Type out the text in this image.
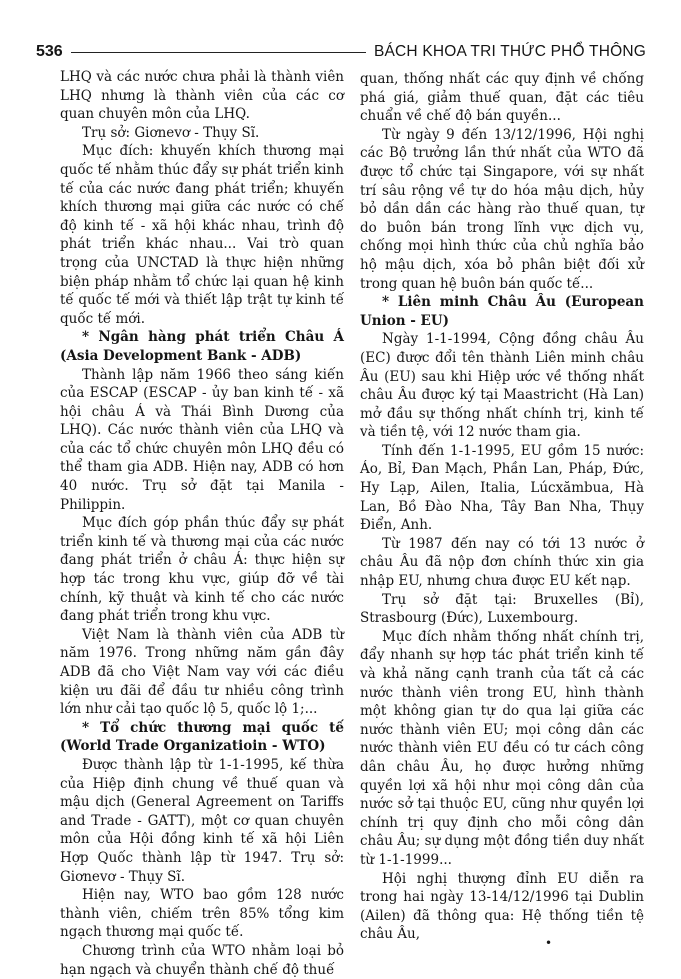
536	BÁCH KHOA TRI THỨC PHỔ THÔNG

LHQ và các nước chưa phải là thành viên LHQ nhưng là thành viên của các cơ quan chuyên môn của LHQ.

Trụ sở: Giơnevơ - Thụy Sĩ.

Mục đích: khuyến khích thương mại quốc tế nhằm thúc đẩy sự phát triển kinh tế của các nước đang phát triển; khuyến khích thương mại giữa các nước có chế độ kinh tế - xã hội khác nhau, trình độ phát triển khác nhau... Vai trò quan trọng của UNCTAD là thực hiện những biện pháp nhằm tổ chức lại quan hệ kinh tế quốc tế mới và thiết lập trật tự kinh tế quốc tế mới.

* Ngân hàng phát triển Châu Á (Asia Development Bank - ADB)

Thành lập năm 1966 theo sáng kiến của ESCAP (ESCAP - ủy ban kinh tế - xã hội châu Á và Thái Bình Dương của LHQ). Các nước thành viên của LHQ và của các tổ chức chuyên môn LHQ đều có thể tham gia ADB. Hiện nay, ADB có hơn 40 nước. Trụ sở đặt tại Manila - Philippin.

Mục đích góp phần thúc đẩy sự phát triển kinh tế và thương mại của các nước đang phát triển ở châu Á: thực hiện sự hợp tác trong khu vực, giúp đỡ về tài chính, kỹ thuật và kinh tế cho các nước đang phát triển trong khu vực.

Việt Nam là thành viên của ADB từ năm 1976. Trong những năm gần đây ADB đã cho Việt Nam vay với các điều kiện ưu đãi để đầu tư nhiều công trình lớn như cải tạo quốc lộ 5, quốc lộ 1;...

* Tổ chức thương mại quốc tế (World Trade Organizatioin - WTO)

Được thành lập từ 1-1-1995, kế thừa của Hiệp định chung về thuế quan và mậu dịch (General Agreement on Tariffs and Trade - GATT), một cơ quan chuyên môn của Hội đồng kinh tế xã hội Liên Hợp Quốc thành lập từ 1947. Trụ sở: Giơnevơ - Thụy Sĩ.

Hiện nay, WTO bao gồm 128 nước thành viên, chiếm trên 85% tổng kim ngạch thương mại quốc tế.

Chương trình của WTO nhằm loại bỏ hạn ngạch và chuyển thành chế độ thuế

quan, thống nhất các quy định về chống phá giá, giảm thuế quan, đặt các tiêu chuẩn về chế độ bán quyền...

Từ ngày 9 đến 13/12/1996, Hội nghị các Bộ trưởng lần thứ nhất của WTO đã được tổ chức tại Singapore, với sự nhất trí sâu rộng về tự do hóa mậu dịch, hủy bỏ dần dần các hàng rào thuế quan, tự do buôn bán trong lĩnh vực dịch vụ, chống mọi hình thức của chủ nghĩa bảo hộ mậu dịch, xóa bỏ phân biệt đối xử trong quan hệ buôn bán quốc tế...

* Liên minh Châu Âu (European Union - EU)

Ngày 1-1-1994, Cộng đồng châu Âu (EC) được đổi tên thành Liên minh châu Âu (EU) sau khi Hiệp ước về thống nhất châu Âu được ký tại Maastricht (Hà Lan) mở đầu sự thống nhất chính trị, kinh tế và tiền tệ, với 12 nước tham gia.

Tính đến 1-1-1995, EU gồm 15 nước: Áo, Bỉ, Đan Mạch, Phần Lan, Pháp, Đức, Hy Lạp, Ailen, Italia, Lúcxămbua, Hà Lan, Bồ Đào Nha, Tây Ban Nha, Thụy Điển, Anh.

Từ 1987 đến nay có tới 13 nước ở châu Âu đã nộp đơn chính thức xin gia nhập EU, nhưng chưa được EU kết nạp.

Trụ sở đặt tại: Bruxelles (Bỉ), Strasbourg (Đức), Luxembourg.

Mục đích nhằm thống nhất chính trị, đẩy nhanh sự hợp tác phát triển kinh tế và khả năng cạnh tranh của tất cả các nước thành viên trong EU, hình thành một không gian tự do qua lại giữa các nước thành viên EU; mọi công dân các nước thành viên EU đều có tư cách công dân châu Âu, họ được hưởng những quyền lợi xã hội như mọi công dân của nước sở tại thuộc EU, cũng như quyền lợi chính trị quy định cho mỗi công dân châu Âu; sự dụng một đồng tiền duy nhất từ 1-1-1999...

Hội nghị thượng đỉnh EU diễn ra trong hai ngày 13-14/12/1996 tại Dublin (Ailen) đã thông qua: Hệ thống tiền tệ châu Âu,

•
